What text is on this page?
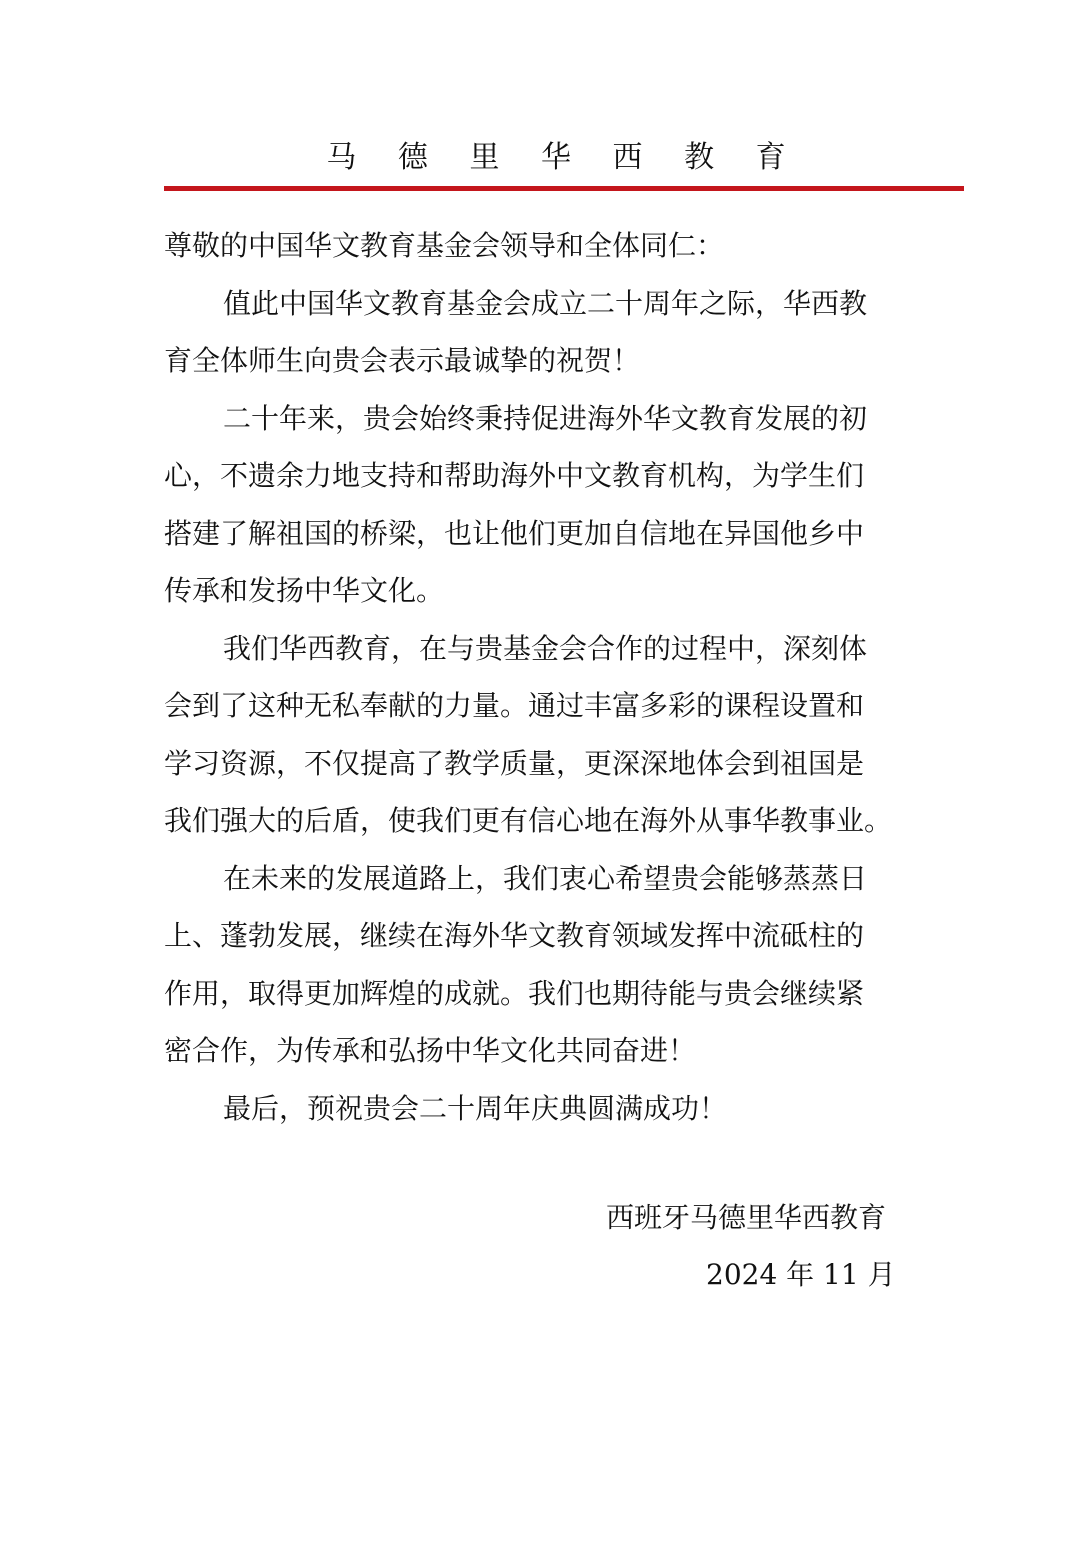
马 德 里 华 西 教 育

尊敬的中国华文教育基金会领导和全体同仁：

值此中国华文教育基金会成立二十周年之际，华西教
育全体师生向贵会表示最诚挚的祝贺！

二十年来，贵会始终秉持促进海外华文教育发展的初
心，不遗余力地支持和帮助海外中文教育机构，为学生们
搭建了解祖国的桥梁，也让他们更加自信地在异国他乡中
传承和发扬中华文化。

我们华西教育，在与贵基金会合作的过程中，深刻体
会到了这种无私奉献的力量。通过丰富多彩的课程设置和
学习资源，不仅提高了教学质量，更深深地体会到祖国是
我们强大的后盾，使我们更有信心地在海外从事华教事业。

在未来的发展道路上，我们衷心希望贵会能够蒸蒸日
上、蓬勃发展，继续在海外华文教育领域发挥中流砥柱的
作用，取得更加辉煌的成就。我们也期待能与贵会继续紧
密合作，为传承和弘扬中华文化共同奋进！

最后，预祝贵会二十周年庆典圆满成功！

西班牙马德里华西教育
2024 年 11 月
